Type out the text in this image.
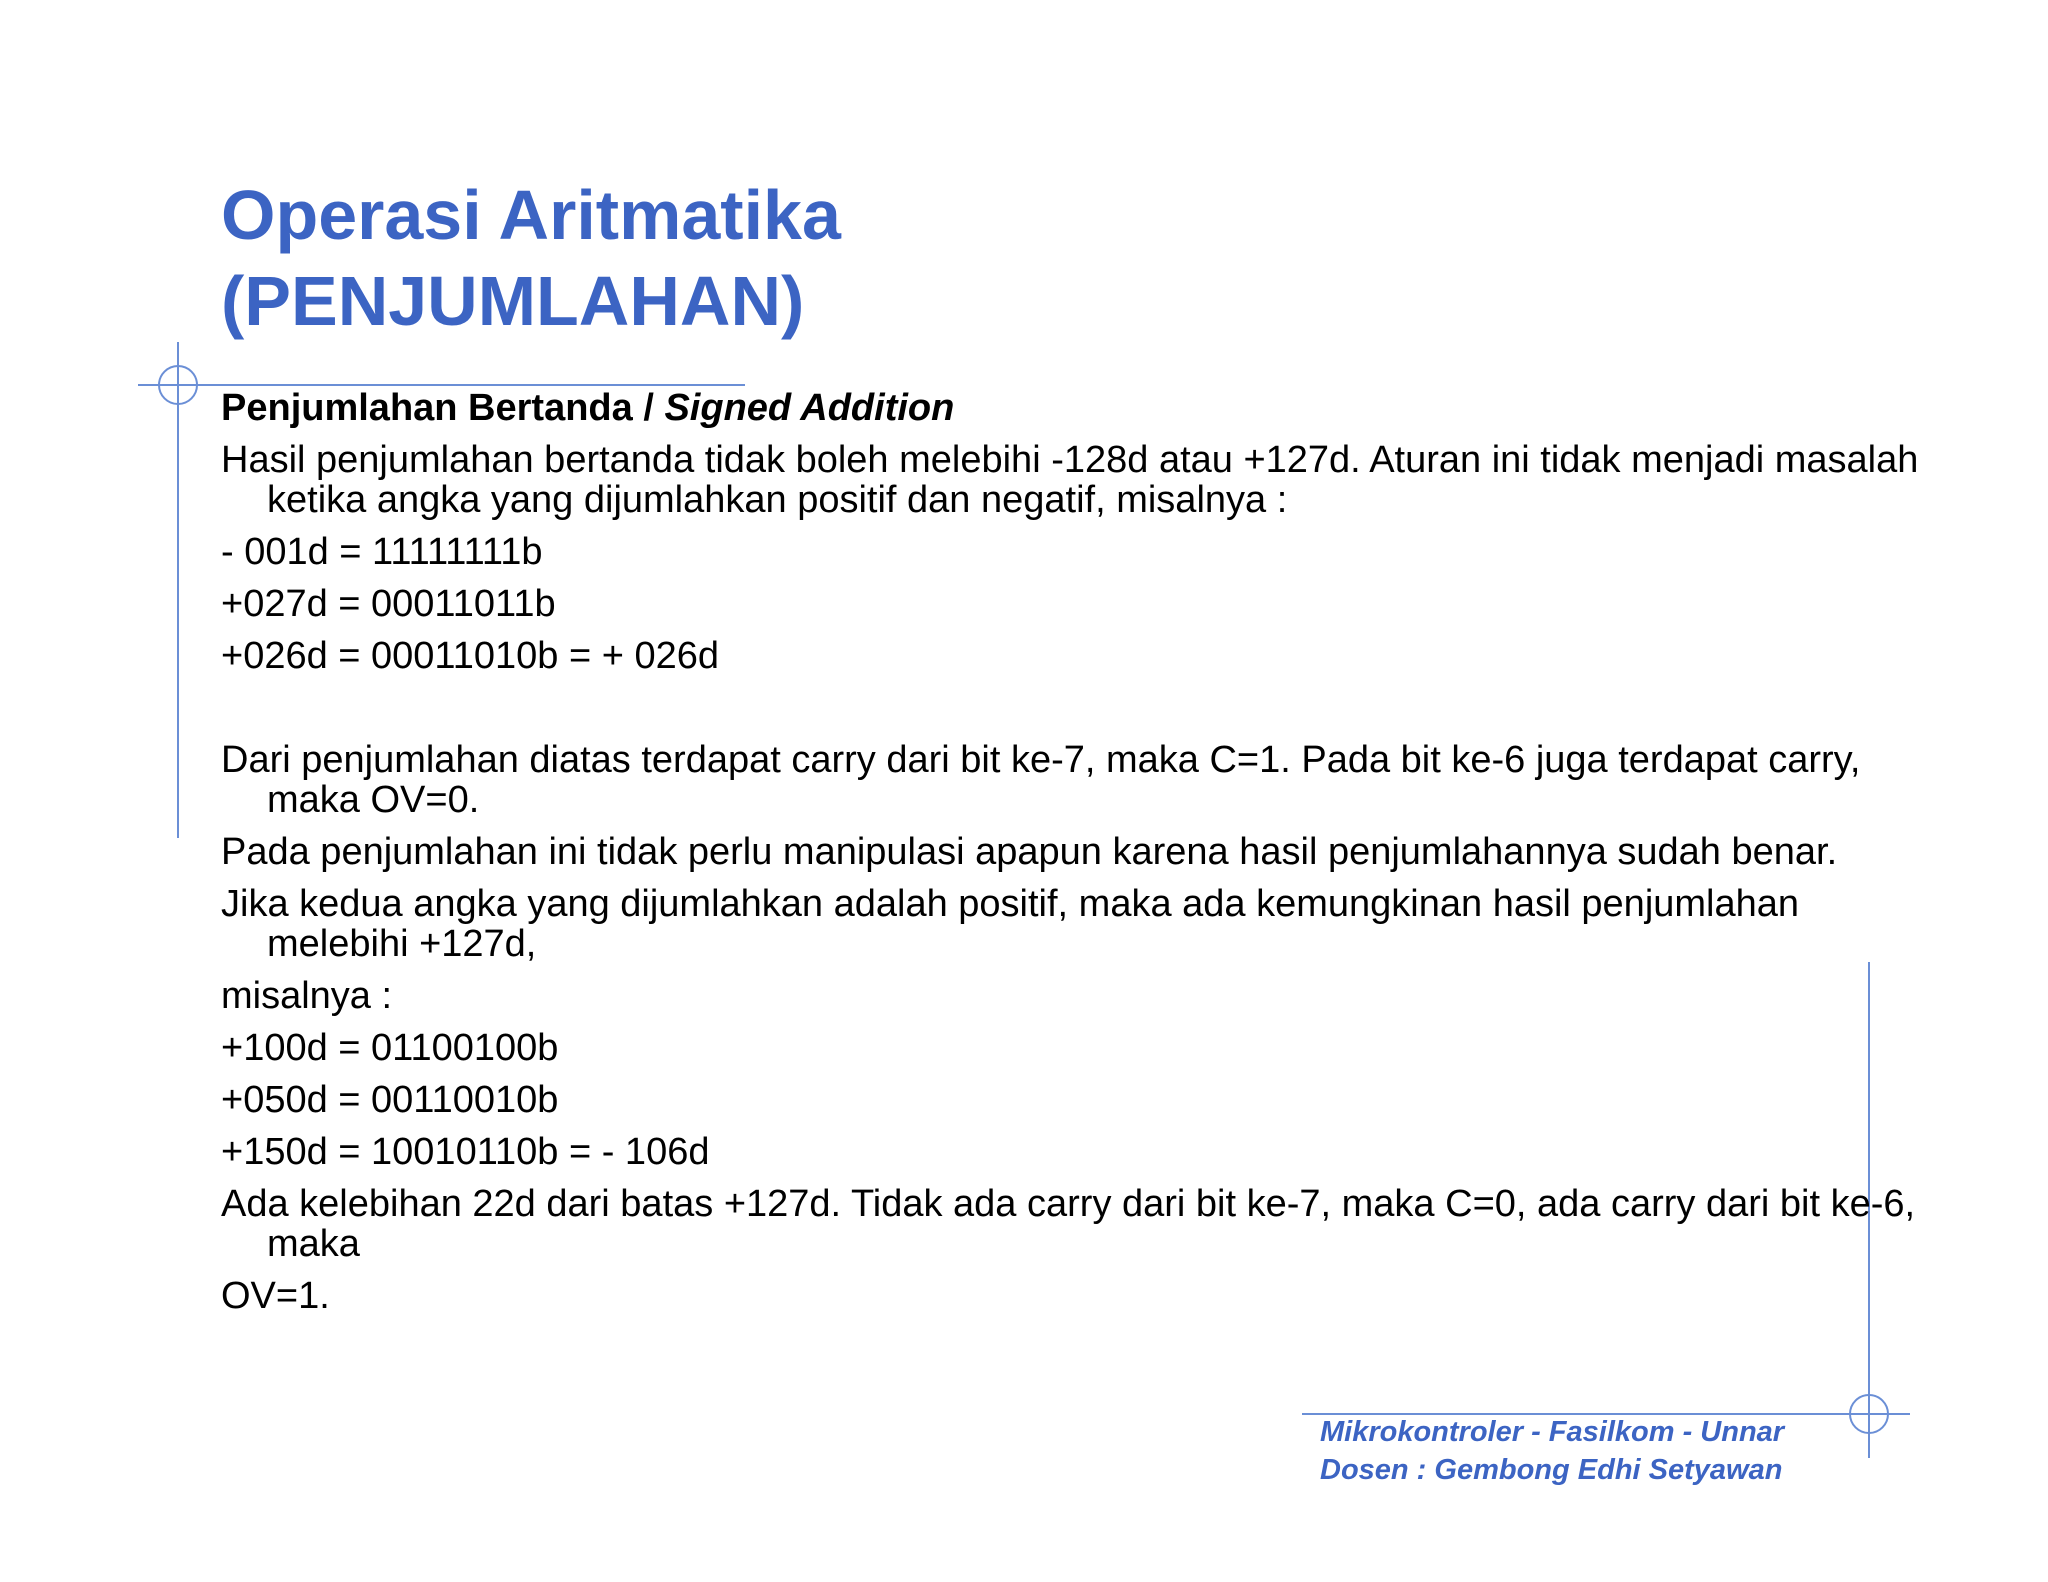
Operasi Aritmatika
(PENJUMLAHAN)

Penjumlahan Bertanda / Signed Addition

Hasil penjumlahan bertanda tidak boleh melebihi -128d atau +127d. Aturan ini tidak menjadi masalah ketika angka yang dijumlahkan positif dan negatif, misalnya :

- 001d = 11111111b

+027d = 00011011b

+026d = 00011010b = + 026d

Dari penjumlahan diatas terdapat carry dari bit ke-7, maka C=1. Pada bit ke-6 juga terdapat carry, maka OV=0.

Pada penjumlahan ini tidak perlu manipulasi apapun karena hasil penjumlahannya sudah benar.

Jika kedua angka yang dijumlahkan adalah positif, maka ada kemungkinan hasil penjumlahan melebihi +127d,

misalnya :

+100d = 01100100b

+050d = 00110010b

+150d = 10010110b = - 106d

Ada kelebihan 22d dari batas +127d. Tidak ada carry dari bit ke-7, maka C=0, ada carry dari bit ke-6, maka

OV=1.

Mikrokontroler - Fasilkom - Unnar
Dosen : Gembong Edhi Setyawan
